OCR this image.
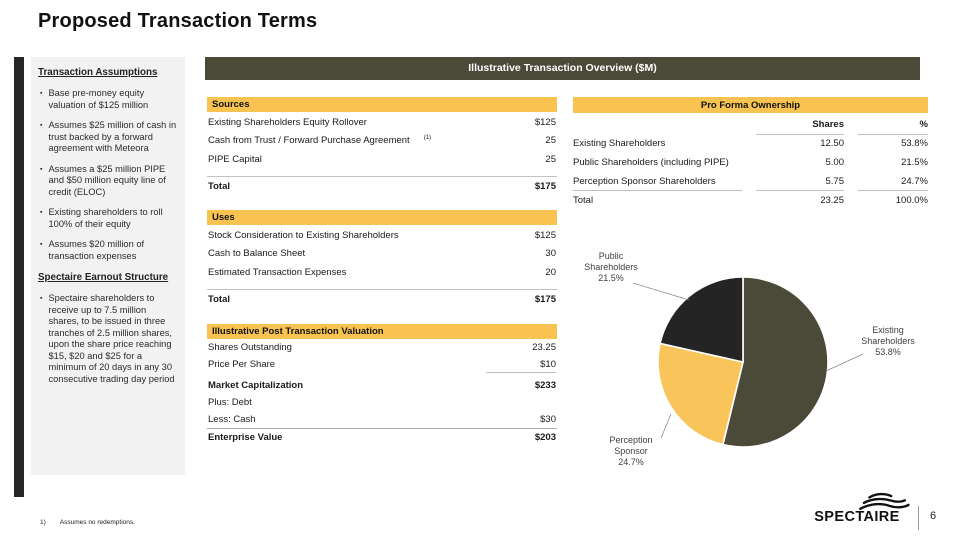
Proposed Transaction Terms
Transaction Assumptions
▪ Base pre-money equity valuation of $125 million
▪ Assumes $25 million of cash in trust backed by a forward agreement with Meteora
▪ Assumes a $25 million PIPE and $50 million equity line of credit (ELOC)
▪ Existing shareholders to roll 100% of their equity
▪ Assumes $20 million of transaction expenses
Spectaire Earnout Structure
▪ Spectaire shareholders to receive up to 7.5 million shares, to be issued in three tranches of 2.5 million shares, upon the share price reaching $15, $20 and $25 for a minimum of 20 days in any 30 consecutive trading day period
Illustrative Transaction Overview ($M)
Sources
Existing Shareholders Equity Rollover	$125
Cash from Trust / Forward Purchase Agreement $^{(1)}$	25
PIPE Capital	25
Total	$175
Uses
Stock Consideration to Existing Shareholders	$125
Cash to Balance Sheet	30
Estimated Transaction Expenses	20
Total	$175
Illustrative Post Transaction Valuation
Shares Outstanding	23.25
Price Per Share	$10
Market Capitalization	$233
Plus: Debt
Less: Cash	$30
Enterprise Value	$203
Pro Forma Ownership
Shares	%
Existing Shareholders	12.50	53.8%
Public Shareholders (including PIPE)	5.00	21.5%
Perception Sponsor Shareholders	5.75	24.7%
Total	23.25	100.0%
Public Shareholders
21.5%
Existing Shareholders
53.8%
Perception Sponsor
24.7%
1) Assumes no redemptions.	SPECTAIRE	6
